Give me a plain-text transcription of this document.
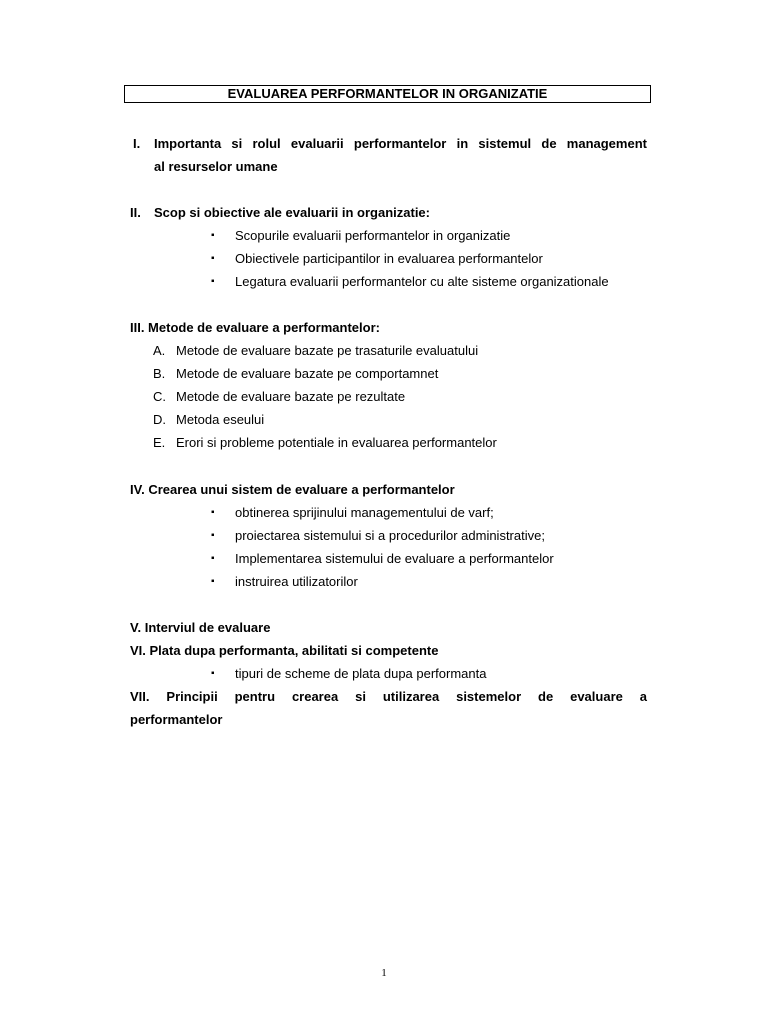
EVALUAREA PERFORMANTELOR IN ORGANIZATIE
I. Importanta si rolul evaluarii performantelor in sistemul de management
al resurselor umane
II. Scop si obiective ale evaluarii in organizatie:
▪ Scopurile evaluarii performantelor in organizatie
▪ Obiectivele participantilor in evaluarea performantelor
▪ Legatura evaluarii performantelor cu alte sisteme organizationale
III. Metode de evaluare a performantelor:
A. Metode de evaluare bazate pe trasaturile evaluatului
B. Metode de evaluare bazate pe comportamnet
C. Metode de evaluare bazate pe rezultate
D. Metoda eseului
E. Erori si probleme potentiale in evaluarea performantelor
IV. Crearea unui sistem de evaluare a performantelor
▪ obtinerea sprijinului managementului de varf;
▪ proiectarea sistemului si a procedurilor administrative;
▪ Implementarea sistemului de evaluare a performantelor
▪ instruirea utilizatorilor
V. Interviul de evaluare
VI. Plata dupa performanta, abilitati si competente
▪ tipuri de scheme de plata dupa performanta
VII. Principii pentru crearea si utilizarea sistemelor de evaluare a
performantelor
1
